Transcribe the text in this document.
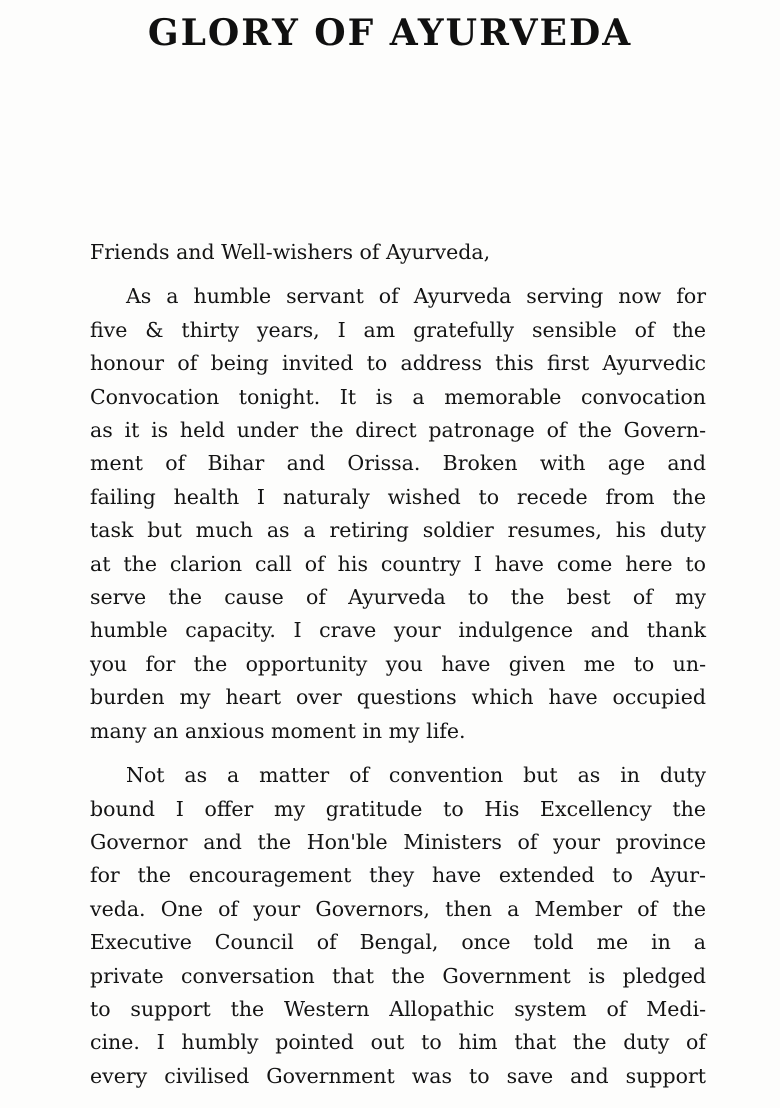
GLORY OF AYURVEDA

Friends and Well-wishers of Ayurveda,

As a humble servant of Ayurveda serving now for
five & thirty years, I am gratefully sensible of the
honour of being invited to address this first Ayurvedic
Convocation tonight. It is a memorable convocation
as it is held under the direct patronage of the Govern-
ment of Bihar and Orissa. Broken with age and
failing health I naturaly wished to recede from the
task but much as a retiring soldier resumes, his duty
at the clarion call of his country I have come here to
serve the cause of Ayurveda to the best of my
humble capacity. I crave your indulgence and thank
you for the opportunity you have given me to un-
burden my heart over questions which have occupied
many an anxious moment in my life.
Not as a matter of convention but as in duty
bound I offer my gratitude to His Excellency the
Governor and the Hon'ble Ministers of your province
for the encouragement they have extended to Ayur-
veda. One of your Governors, then a Member of the
Executive Council of Bengal, once told me in a
private conversation that the Government is pledged
to support the Western Allopathic system of Medi-
cine. I humbly pointed out to him that the duty of
every civilised Government was to save and support
